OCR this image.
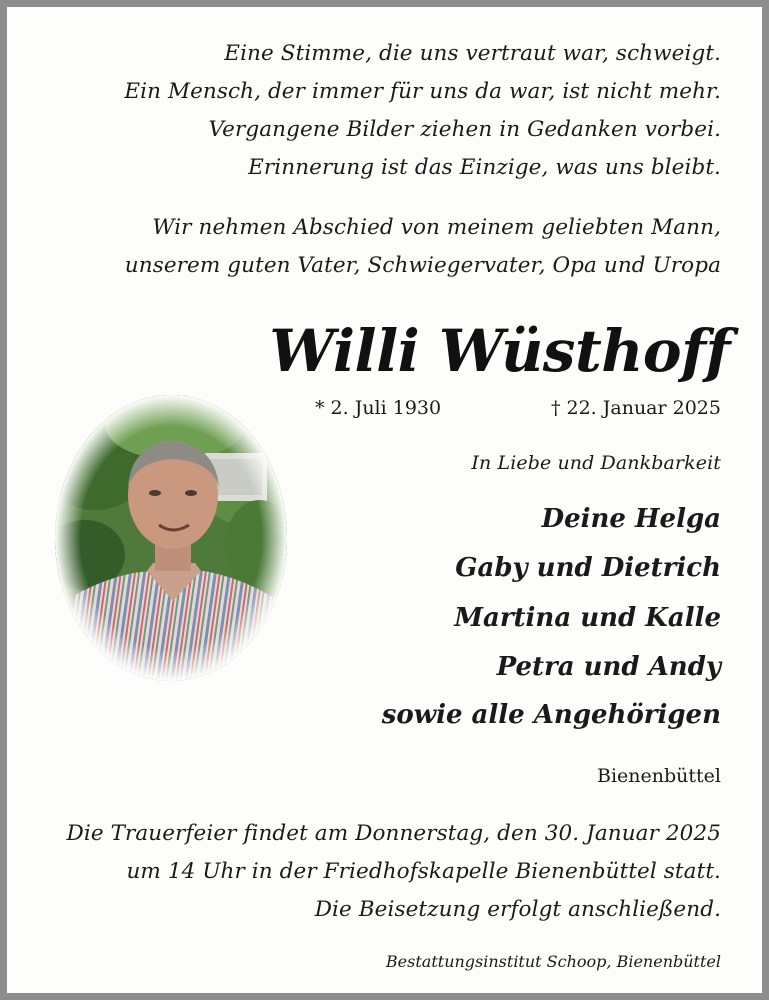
Eine Stimme, die uns vertraut war, schweigt.
Ein Mensch, der immer für uns da war, ist nicht mehr.
Vergangene Bilder ziehen in Gedanken vorbei.
Erinnerung ist das Einzige, was uns bleibt.
Wir nehmen Abschied von meinem geliebten Mann,
unserem guten Vater, Schwiegervater, Opa und Uropa
Willi Wüsthoff
* 2. Juli 1930	† 22. Januar 2025
In Liebe und Dankbarkeit
Deine Helga
Gaby und Dietrich
Martina und Kalle
Petra und Andy
sowie alle Angehörigen
Bienenbüttel
Die Trauerfeier findet am Donnerstag, den 30. Januar 2025
um 14 Uhr in der Friedhofskapelle Bienenbüttel statt.
Die Beisetzung erfolgt anschließend.
Bestattungsinstitut Schoop, Bienenbüttel
